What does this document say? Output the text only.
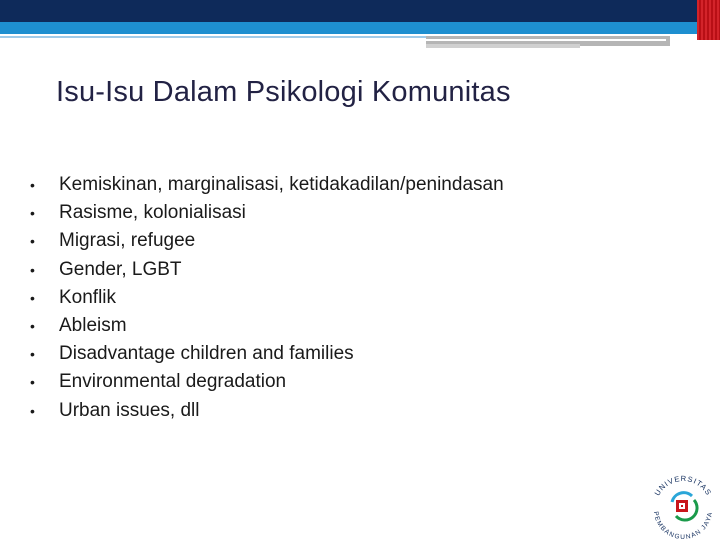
Isu-Isu Dalam Psikologi Komunitas
•	Kemiskinan, marginalisasi, ketidakadilan/penindasan
•	Rasisme, kolonialisasi
•	Migrasi, refugee
•	Gender, LGBT
•	Konflik
•	Ableism
•	Disadvantage children and families
•	Environmental degradation
•	Urban issues, dll
UNIVERSITAS
PEMBANGUNAN JAYA
